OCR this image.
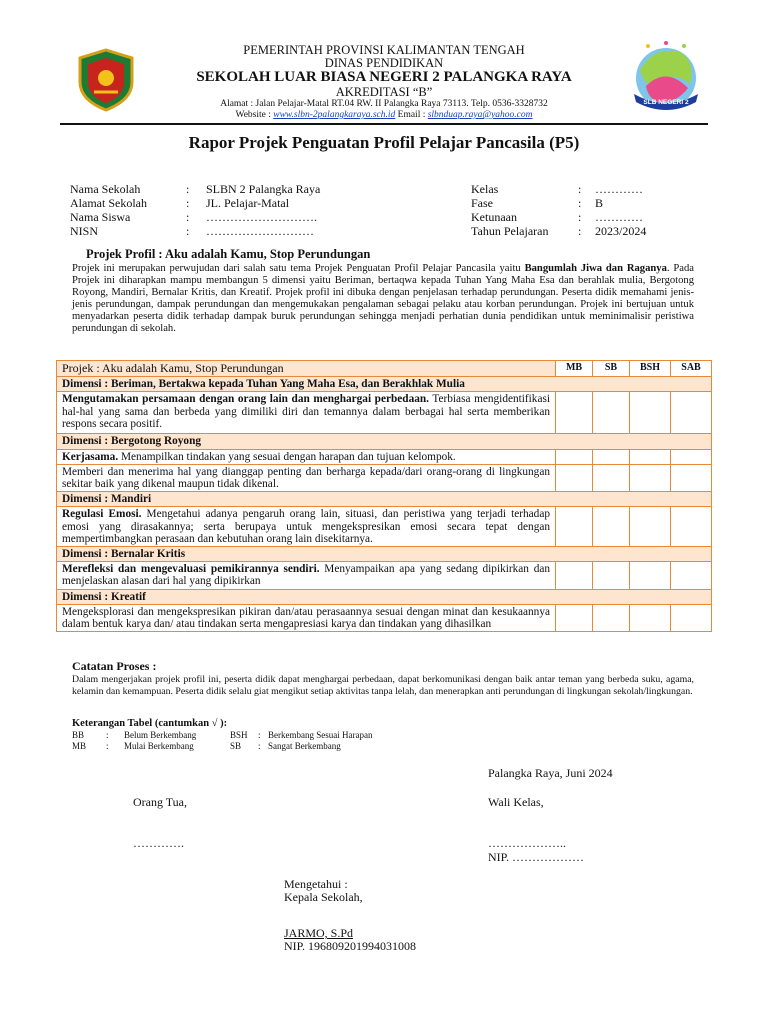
SLB NEGERI 2
PEMERINTAH PROVINSI KALIMANTAN TENGAH
DINAS PENDIDIKAN
SEKOLAH LUAR BIASA NEGERI 2 PALANGKA RAYA
AKREDITASI “B”
Alamat : Jalan Pelajar-Matal RT.04 RW. II Palangka Raya 73113. Telp. 0536-3328732
Website : www.slbn-2palangkaraya.sch.id Email : slbnduap.raya@yahoo.com
Rapor Projek Penguatan Profil Pelajar Pancasila (P5)
Nama Sekolah	: SLBN 2 Palangka Raya
Alamat Sekolah	: JL. Pelajar-Matal
Nama Siswa	: ……………………….
NISN	: ………………………
Kelas	: …………
Fase	: B
Ketunaan	: …………
Tahun Pelajaran : 2023/2024
Projek Profil : Aku adalah Kamu, Stop Perundungan
Projek ini merupakan perwujudan dari salah satu tema Projek Penguatan Profil Pelajar Pancasila yaitu Bangumlah Jiwa dan Raganya. Pada Projek ini diharapkan mampu membangun 5 dimensi yaitu Beriman, bertaqwa kepada Tuhan Yang Maha Esa dan berahlak mulia, Bergotong Royong, Mandiri, Bernalar Kritis, dan Kreatif. Projek profil ini dibuka dengan penjelasan terhadap perundungan. Peserta didik memahami jenis-jenis perundungan, dampak perundungan dan mengemukakan pengalaman sebagai pelaku atau korban perundungan. Projek ini bertujuan untuk menyadarkan peserta didik terhadap dampak buruk perundungan sehingga menjadi perhatian dunia pendidikan untuk meminimalisir peristiwa perundungan di sekolah.
Projek : Aku adalah Kamu, Stop Perundungan	MB	SB	BSH	SAB
Dimensi : Beriman, Bertakwa kepada Tuhan Yang Maha Esa, dan Berakhlak Mulia				
Mengutamakan persamaan dengan orang lain dan menghargai perbedaan. Terbiasa mengidentifikasi hal-hal yang sama dan berbeda yang dimiliki diri dan temannya dalam berbagai hal serta memberikan respons secara positif.				
Dimensi : Bergotong Royong				
Kerjasama. Menampilkan tindakan yang sesuai dengan harapan dan tujuan kelompok.				
Memberi dan menerima hal yang dianggap penting dan berharga kepada/dari orang-orang di lingkungan sekitar baik yang dikenal maupun tidak dikenal.				
Dimensi : Mandiri				
Regulasi Emosi. Mengetahui adanya pengaruh orang lain, situasi, dan peristiwa yang terjadi terhadap emosi yang dirasakannya; serta berupaya untuk mengekspresikan emosi secara tepat dengan mempertimbangkan perasaan dan kebutuhan orang lain disekitarnya.				
Dimensi : Bernalar Kritis				
Merefleksi dan mengevaluasi pemikirannya sendiri. Menyampaikan apa yang sedang dipikirkan dan menjelaskan alasan dari hal yang dipikirkan				
Dimensi : Kreatif				
Mengeksplorasi dan mengekspresikan pikiran dan/atau perasaannya sesuai dengan minat dan kesukaannya dalam bentuk karya dan/ atau tindakan serta mengapresiasi karya dan tindakan yang dihasilkan				
Catatan Proses :
Dalam mengerjakan projek profil ini, peserta didik dapat menghargai perbedaan, dapat berkomunikasi dengan baik antar teman yang berbeda suku, agama, kelamin dan kemampuan. Peserta didik selalu giat mengikut setiap aktivitas tanpa lelah, dan menerapkan anti perundungan di lingkungan sekolah/lingkungan.
Keterangan Tabel (cantumkan √ ):
BB : Belum Berkembang	BSH : Berkembang Sesuai Harapan
MB : Mulai Berkembang	SB : Sangat Berkembang
Palangka Raya, Juni 2024
Orang Tua,	Wali Kelas,
………….	………………..
NIP. ………………
Mengetahui :
Kepala Sekolah,
JARMO, S.Pd
NIP. 196809201994031008
